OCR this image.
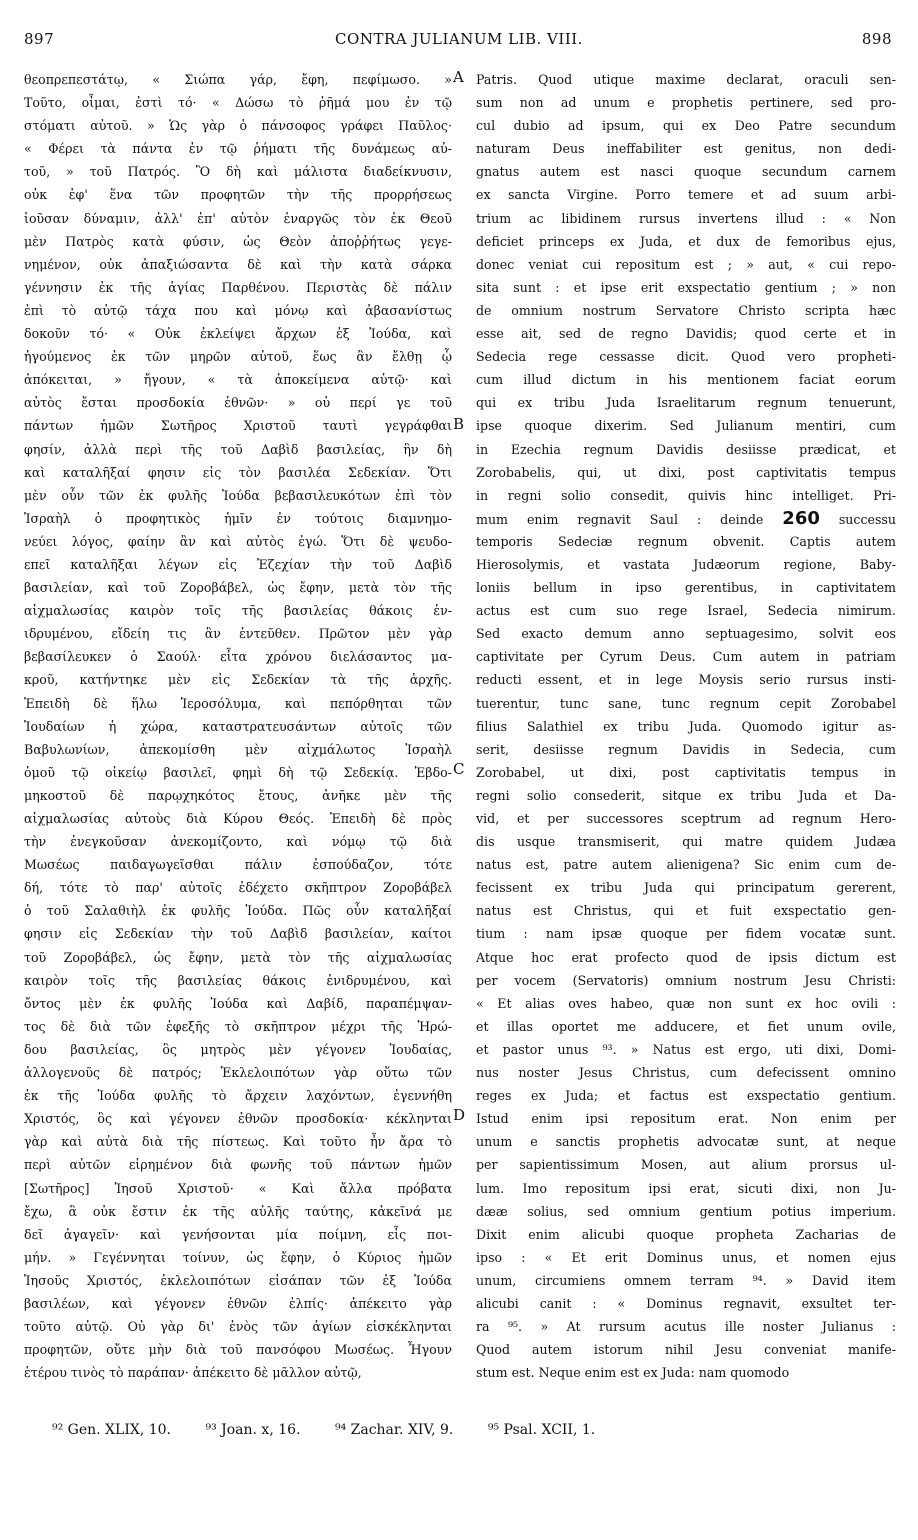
897	CONTRA JULIANUM LIB. VIII.	898
θεοπρεπεστάτῳ, « Σιώπα γάρ, ἔφη, πεφίμωσο. »
Τοῦτο, οἶμαι, ἐστὶ τό· « Δώσω τὸ ῥῆμά μου ἐν τῷ
στόματι αὐτοῦ. » Ὡς γὰρ ὁ πάνσοφος γράφει Παῦλος·
« Φέρει τὰ πάντα ἐν τῷ ῥήματι τῆς δυνάμεως αὐ-
τοῦ, » τοῦ Πατρός. Ὃ δὴ καὶ μάλιστα διαδείκνυσιν,
οὐκ ἐφ' ἕνα τῶν προφητῶν τὴν τῆς προρρήσεως
ἰοῦσαν δύναμιν, ἀλλ' ἐπ' αὐτὸν ἐναργῶς τὸν ἐκ Θεοῦ
μὲν Πατρὸς κατὰ φύσιν, ὡς Θεὸν ἀποῤῥήτως γεγε-
νημένον, οὐκ ἀπαξιώσαντα δὲ καὶ τὴν κατὰ σάρκα
γέννησιν ἐκ τῆς ἁγίας Παρθένου. Περιστὰς δὲ πάλιν
ἐπὶ τὸ αὐτῷ τάχα που καὶ μόνῳ καὶ ἀβασανίστως
δοκοῦν τό· « Οὐκ ἐκλείψει ἄρχων ἐξ Ἰούδα, καὶ
ἡγούμενος ἐκ τῶν μηρῶν αὐτοῦ, ἕως ἂν ἔλθῃ ᾧ
ἀπόκειται, » ἤγουν, « τὰ ἀποκείμενα αὐτῷ· καὶ
αὐτὸς ἔσται προσδοκία ἐθνῶν· » οὐ περί γε τοῦ
πάντων ἡμῶν Σωτῆρος Χριστοῦ ταυτὶ γεγράφθαι
φησίν, ἀλλὰ περὶ τῆς τοῦ Δαβὶδ βασιλείας, ἣν δὴ
καὶ καταλῆξαί φησιν εἰς τὸν βασιλέα Σεδεκίαν. Ὅτι
μὲν οὖν τῶν ἐκ φυλῆς Ἰούδα βεβασιλευκότων ἐπὶ τὸν
Ἰσραὴλ ὁ προφητικὸς ἡμῖν ἐν τούτοις διαμνημο-
νεύει λόγος, φαίην ἂν καὶ αὐτὸς ἐγώ. Ὅτι δὲ ψευδο-
επεῖ καταλῆξαι λέγων εἰς Ἐζεχίαν τὴν τοῦ Δαβὶδ
βασιλείαν, καὶ τοῦ Ζοροβάβελ, ὡς ἔφην, μετὰ τὸν τῆς
αἰχμαλωσίας καιρὸν τοῖς τῆς βασιλείας θάκοις ἐν-
ιδρυμένου, εἴδείη τις ἂν ἐντεῦθεν. Πρῶτον μὲν γὰρ
βεβασίλευκεν ὁ Σαούλ· εἶτα χρόνου διελάσαντος μα-
κροῦ, κατήντηκε μὲν εἰς Σεδεκίαν τὰ τῆς ἀρχῆς.
Ἐπειδὴ δὲ ἥλω Ἱεροσόλυμα, καὶ πεπόρθηται τῶν
Ἰουδαίων ἡ χώρα, καταστρατευσάντων αὐτοῖς τῶν
Βαβυλωνίων, ἀπεκομίσθη μὲν αἰχμάλωτος Ἰσραὴλ
ὁμοῦ τῷ οἰκείῳ βασιλεῖ, φημὶ δὴ τῷ Σεδεκίᾳ. Ἑβδο-
μηκοστοῦ δὲ παρῳχηκότος ἔτους, ἀνῆκε μὲν τῆς
αἰχμαλωσίας αὐτοὺς διὰ Κύρου Θεός. Ἐπειδὴ δὲ πρὸς
τὴν ἐνεγκοῦσαν ἀνεκομίζοντο, καὶ νόμῳ τῷ διὰ
Μωσέως παιδαγωγεῖσθαι πάλιν ἐσπούδαζον, τότε
δή, τότε τὸ παρ' αὐτοῖς ἐδέχετο σκῆπτρον Ζοροβάβελ
ὁ τοῦ Σαλαθιὴλ ἐκ φυλῆς Ἰούδα. Πῶς οὖν καταλῆξαί
φησιν εἰς Σεδεκίαν τὴν τοῦ Δαβὶδ βασιλείαν, καίτοι
τοῦ Ζοροβάβελ, ὡς ἔφην, μετὰ τὸν τῆς αἰχμαλωσίας
καιρὸν τοῖς τῆς βασιλείας θάκοις ἐνιδρυμένου, καὶ
ὄντος μὲν ἐκ φυλῆς Ἰούδα καὶ Δαβίδ, παραπέμψαν-
τος δὲ διὰ τῶν ἐφεξῆς τὸ σκῆπτρον μέχρι τῆς Ἡρώ-
δου βασιλείας, ὃς μητρὸς μὲν γέγονεν Ἰουδαίας,
ἀλλογενοῦς δὲ πατρός; Ἐκλελοιπότων γὰρ οὕτω τῶν
ἐκ τῆς Ἰούδα φυλῆς τὸ ἄρχειν λαχόντων, ἐγεννήθη
Χριστός, ὃς καὶ γέγονεν ἐθνῶν προσδοκία· κέκληνται
γὰρ καὶ αὐτὰ διὰ τῆς πίστεως. Καὶ τοῦτο ἦν ἄρα τὸ
περὶ αὐτῶν εἰρημένον διὰ φωνῆς τοῦ πάντων ἡμῶν
[Σωτῆρος] Ἰησοῦ Χριστοῦ· « Καὶ ἄλλα πρόβατα
ἔχω, ἃ οὐκ ἔστιν ἐκ τῆς αὐλῆς ταύτης, κἀκεῖνά με
δεῖ ἀγαγεῖν· καὶ γενήσονται μία ποίμνη, εἷς ποι-
μήν. » Γεγέννηται τοίνυν, ὡς ἔφην, ὁ Κύριος ἡμῶν
Ἰησοῦς Χριστός, ἐκλελοιπότων εἰσάπαν τῶν ἐξ Ἰούδα
βασιλέων, καὶ γέγονεν ἐθνῶν ἐλπίς· ἀπέκειτο γὰρ
τοῦτο αὐτῷ. Οὐ γὰρ δι' ἑνὸς τῶν ἁγίων εἰσκέκληνται
προφητῶν, οὔτε μὴν διὰ τοῦ πανσόφου Μωσέως. Ἦγουν
ἑτέρου τινὸς τὸ παράπαν· ἀπέκειτο δὲ μᾶλλον αὐτῷ,
Patris. Quod utique maxime declarat, oraculi sen-
sum non ad unum e prophetis pertinere, sed pro-
cul dubio ad ipsum, qui ex Deo Patre secundum
naturam Deus ineffabiliter est genitus, non dedi-
gnatus autem est nasci quoque secundum carnem
ex sancta Virgine. Porro temere et ad suum arbi-
trium ac libidinem rursus invertens illud : « Non
deficiet princeps ex Juda, et dux de femoribus ejus,
donec veniat cui repositum est ; » aut, « cui repo-
sita sunt : et ipse erit exspectatio gentium ; » non
de omnium nostrum Servatore Christo scripta hæc
esse ait, sed de regno Davidis; quod certe et in
Sedecia rege cessasse dicit. Quod vero propheti-
cum illud dictum in his mentionem faciat eorum
qui ex tribu Juda Israelitarum regnum tenuerunt,
ipse quoque dixerim. Sed Julianum mentiri, cum
in Ezechia regnum Davidis desiisse prædicat, et
Zorobabelis, qui, ut dixi, post captivitatis tempus
in regni solio consedit, quivis hinc intelliget. Pri-
mum enim regnavit Saul : deinde 260 successu
temporis Sedeciæ regnum obvenit. Captis autem
Hierosolymis, et vastata Judæorum regione, Baby-
loniis bellum in ipso gerentibus, in captivitatem
actus est cum suo rege Israel, Sedecia nimirum.
Sed exacto demum anno septuagesimo, solvit eos
captivitate per Cyrum Deus. Cum autem in patriam
reducti essent, et in lege Moysis serio rursus insti-
tuerentur, tunc sane, tunc regnum cepit Zorobabel
filius Salathiel ex tribu Juda. Quomodo igitur as-
serit, desiisse regnum Davidis in Sedecia, cum
Zorobabel, ut dixi, post captivitatis tempus in
regni solio consederit, sitque ex tribu Juda et Da-
vid, et per successores sceptrum ad regnum Hero-
dis usque transmiserit, qui matre quidem Judæa
natus est, patre autem alienigena? Sic enim cum de-
fecissent ex tribu Juda qui principatum gererent,
natus est Christus, qui et fuit exspectatio gen-
tium : nam ipsæ quoque per fidem vocatæ sunt.
Atque hoc erat profecto quod de ipsis dictum est
per vocem (Servatoris) omnium nostrum Jesu Christi:
« Et alias oves habeo, quæ non sunt ex hoc ovili :
et illas oportet me adducere, et fiet unum ovile,
et pastor unus ⁹³. » Natus est ergo, uti dixi, Domi-
nus noster Jesus Christus, cum defecissent omnino
reges ex Juda; et factus est exspectatio gentium.
Istud enim ipsi repositum erat. Non enim per
unum e sanctis prophetis advocatæ sunt, at neque
per sapientissimum Mosen, aut alium prorsus ul-
lum. Imo repositum ipsi erat, sicuti dixi, non Ju-
dææ solius, sed omnium gentium potius imperium.
Dixit enim alicubi quoque propheta Zacharias de
ipso : « Et erit Dominus unus, et nomen ejus
unum, circumiens omnem terram ⁹⁴. » David item
alicubi canit : « Dominus regnavit, exsultet ter-
ra ⁹⁵. » At rursum acutus ille noster Julianus :
Quod autem istorum nihil Jesu conveniat manife-
stum est. Neque enim est ex Juda: nam quomodo
A
B
C
D
⁹² Gen. XLIX, 10. ⁹³ Joan. x, 16. ⁹⁴ Zachar. XIV, 9. ⁹⁵ Psal. XCII, 1.
